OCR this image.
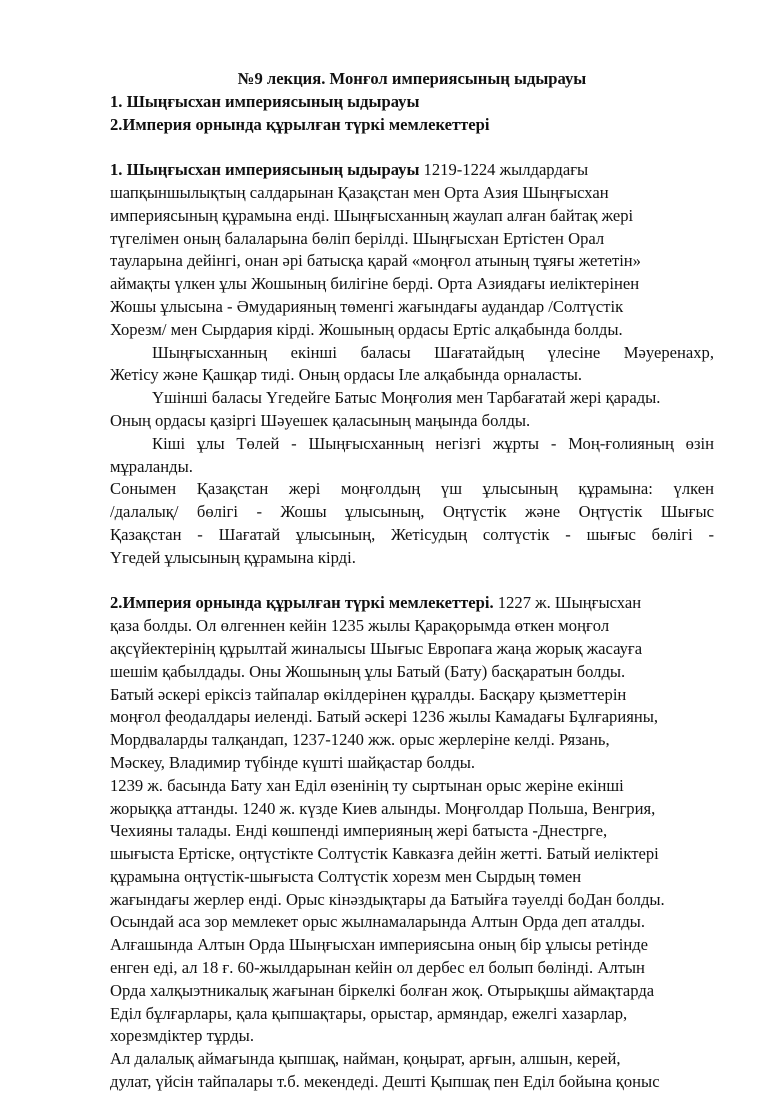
№9 лекция. Монғол империясының ыдырауы
1. Шыңғысхан империясының ыдырауы
2.Империя орнында құрылған түркі мемлекеттері
1. Шыңғысхан империясының ыдырауы 1219-1224 жылдардағы
шапқыншылықтың салдарынан Қазақстан мен Орта Азия Шыңғысхан
империясының құрамына енді. Шыңғысханның жаулап алған байтақ жері
түгелімен оның балаларына бөліп берілді. Шыңғысхан Ертістен Орал
тауларына дейінгі, онан әрі батысқа қарай «моңғол атының тұяғы жететін»
аймақты үлкен ұлы Жошының билігіне берді. Орта Азиядағы иеліктерінен
Жошы ұлысына - Әмударияның төменгі жағындағы аудандар /Солтүстік
Хорезм/ мен Сырдария кірді. Жошының ордасы Ертіс алқабында болды.
Шыңғысханның екінші баласы Шағатайдың үлесіне Мәуеренахр,
Жетісу және Қашқар тиді. Оның ордасы Іле алқабында орналасты.
Үшінші баласы Үгедейге Батыс Моңғолия мен Тарбағатай жері қарады.
Оның ордасы қазіргі Шәуешек қаласының маңында болды.
Кіші ұлы Төлей - Шыңғысханның негізгі жұрты - Моң-ғолияның өзін
мұраланды.
Сонымен Қазақстан жері моңғолдың үш ұлысының құрамына: үлкен
/далалық/ бөлігі - Жошы ұлысының, Оңтүстік және Оңтүстік Шығыс
Қазақстан - Шағатай ұлысының, Жетісудың солтүстік - шығыс бөлігі -
Үгедей ұлысының құрамына кірді.
2.Империя орнында құрылған түркі мемлекеттері. 1227 ж. Шыңғысхан
қаза болды. Ол өлгеннен кейін 1235 жылы Қарақорымда өткен моңғол
ақсүйектерінің құрылтай жиналысы Шығыс Европаға жаңа жорық жасауға
шешім қабылдады. Оны Жошының ұлы Батый (Бату) басқаратын болды.
Батый әскері еріксіз тайпалар өкілдерінен құралды. Басқару қызметтерін
моңғол феодалдары иеленді. Батый әскері 1236 жылы Камадағы Бұлғарияны,
Мордваларды талқандап, 1237-1240 жж. орыс жерлеріне келді. Рязань,
Мәскеу, Владимир түбінде күшті шайқастар болды.
1239 ж. басында Бату хан Еділ өзенінің ту сыртынан орыс жеріне екінші
жорыққа аттанды. 1240 ж. күзде Киев алынды. Моңғолдар Польша, Венгрия,
Чехияны талады. Енді көшпенді империяның жері батыста -Днестрге,
шығыста Ертіске, оңтүстікте Солтүстік Кавказға дейін жетті. Батый иеліктері
құрамына оңтүстік-шығыста Солтүстік хорезм мен Сырдың төмен
жағындағы жерлер енді. Орыс кінәздықтары да Батыйға тәуелді боДан болды.
Осындай аса зор мемлекет орыс жылнамаларында Алтын Орда деп аталды.
Алғашында Алтын Орда Шыңғысхан империясына оның бір ұлысы ретінде
енген еді, ал 18 ғ. 60-жылдарынан кейін ол дербес ел болып бөлінді. Алтын
Орда халқыэтникалық жағынан біркелкі болған жоқ. Отырықшы аймақтарда
Еділ бұлғарлары, қала қыпшақтары, орыстар, армяндар, ежелгі хазарлар,
хорезмдіктер тұрды.
Ал далалық аймағында қыпшақ, найман, қоңырат, арғын, алшын, керей,
дулат, үйсін тайпалары т.б. мекендеді. Дешті Қыпшақ пен Еділ бойына қоныс
